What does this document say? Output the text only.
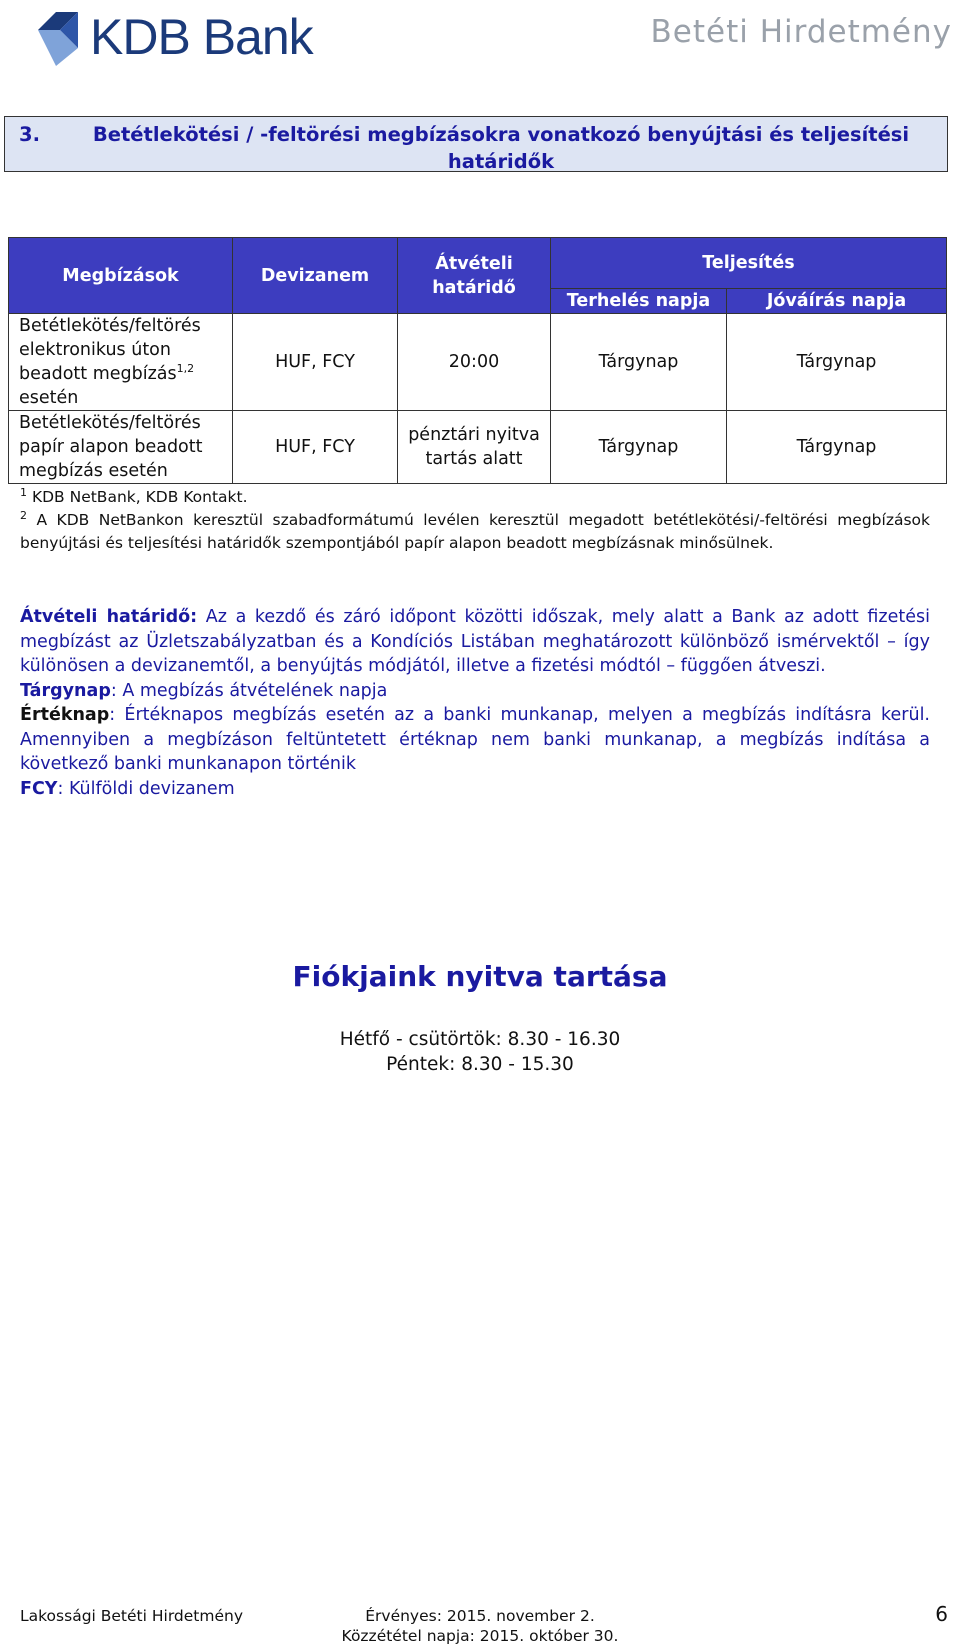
KDB Bank	Betéti Hirdetmény
3.	Betétlekötési / -feltörési megbízásokra vonatkozó benyújtási és teljesítési határidők
Megbízások	Devizanem	Átvételi határidő	Teljesítés	
			Terhelés napja	Jóváírás napja
Betétlekötés/feltörés elektronikus úton beadott megbízás$^{1,2}$ esetén	HUF, FCY	20:00	Tárgynap	Tárgynap
Betétlekötés/feltörés papír alapon beadott megbízás esetén	HUF, FCY	pénztári nyitva tartás alatt	Tárgynap	Tárgynap
$^1$ KDB NetBank, KDB Kontakt.
$^2$ A KDB NetBankon keresztül szabadformátumú levélen keresztül megadott betétlekötési/-feltörési megbízások benyújtási és teljesítési határidők szempontjából papír alapon beadott megbízásnak minősülnek.

Átvételi határidő: Az a kezdő és záró időpont közötti időszak, mely alatt a Bank az adott fizetési megbízást az Üzletszabályzatban és a Kondíciós Listában meghatározott különböző ismérvektől – így különösen a devizanemtől, a benyújtás módjától, illetve a fizetési módtól – függően átveszi.

Tárgynap: A megbízás átvételének napja

Értéknap: Értéknapos megbízás esetén az a banki munkanap, melyen a megbízás indításra kerül. Amennyiben a megbízáson feltüntetett értéknap nem banki munkanap, a megbízás indítása a következő banki munkanapon történik

FCY: Külföldi devizanem

Fiókjaink nyitva tartása
Hétfő - csütörtök: 8.30 - 16.30
Péntek: 8.30 - 15.30
Lakossági Betéti Hirdetmény	Érvényes: 2015. november 2.
Közzététel napja: 2015. október 30.
6
